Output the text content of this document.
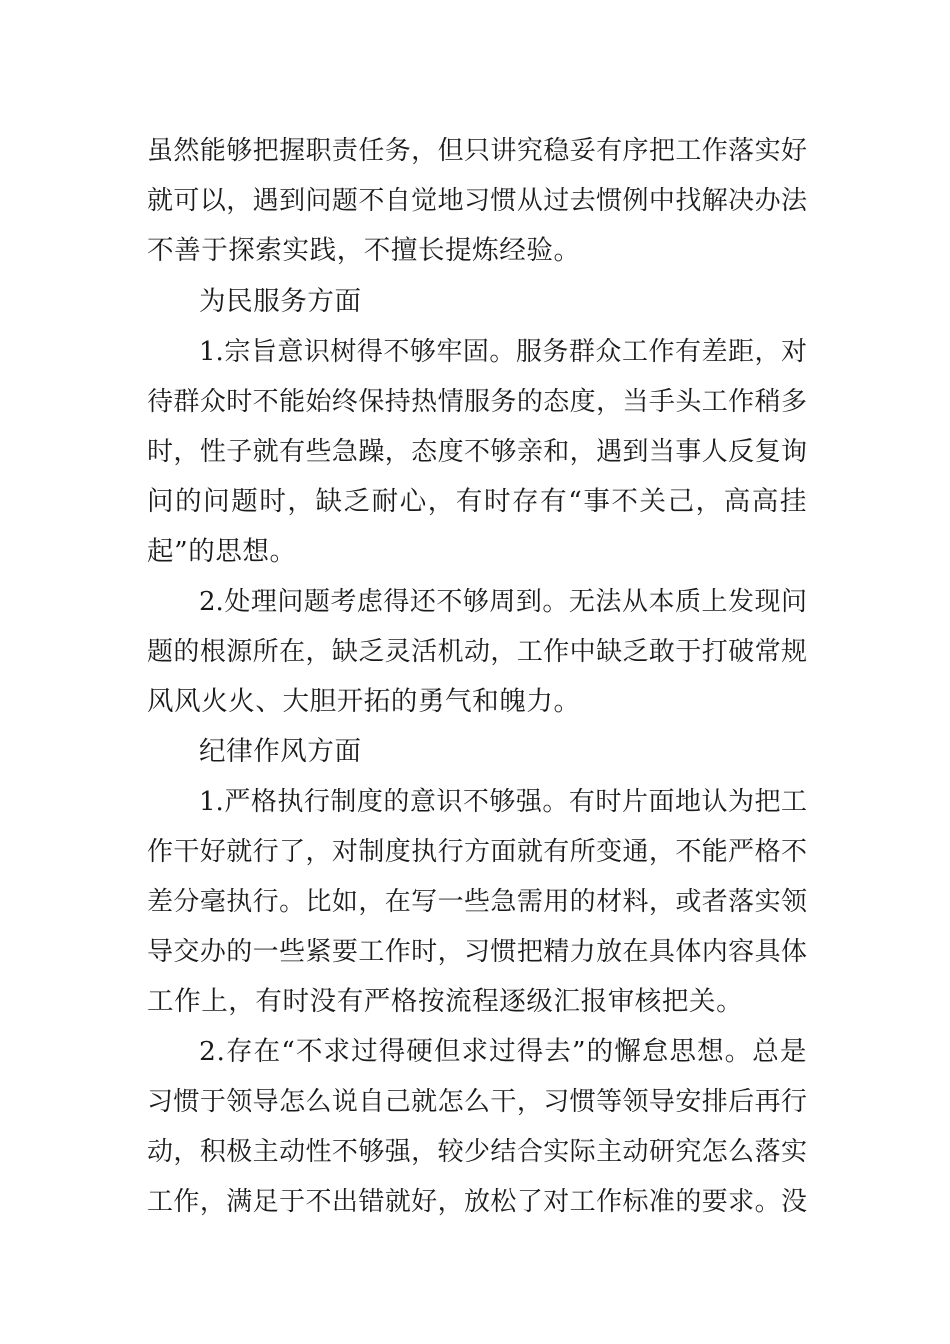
虽然能够把握职责任务，但只讲究稳妥有序把工作落实好
就可以，遇到问题不自觉地习惯从过去惯例中找解决办法
不善于探索实践，不擅长提炼经验。
为民服务方面
1.宗旨意识树得不够牢固。服务群众工作有差距，对
待群众时不能始终保持热情服务的态度，当手头工作稍多
时，性子就有些急躁，态度不够亲和，遇到当事人反复询
问的问题时，缺乏耐心，有时存有“事不关己，高高挂
起”的思想。
2.处理问题考虑得还不够周到。无法从本质上发现问
题的根源所在，缺乏灵活机动，工作中缺乏敢于打破常规
风风火火、大胆开拓的勇气和魄力。
纪律作风方面
1.严格执行制度的意识不够强。有时片面地认为把工
作干好就行了，对制度执行方面就有所变通，不能严格不
差分毫执行。比如，在写一些急需用的材料，或者落实领
导交办的一些紧要工作时，习惯把精力放在具体内容具体
工作上，有时没有严格按流程逐级汇报审核把关。
2.存在“不求过得硬但求过得去”的懈怠思想。总是
习惯于领导怎么说自己就怎么干，习惯等领导安排后再行
动，积极主动性不够强，较少结合实际主动研究怎么落实
工作，满足于不出错就好，放松了对工作标准的要求。没
